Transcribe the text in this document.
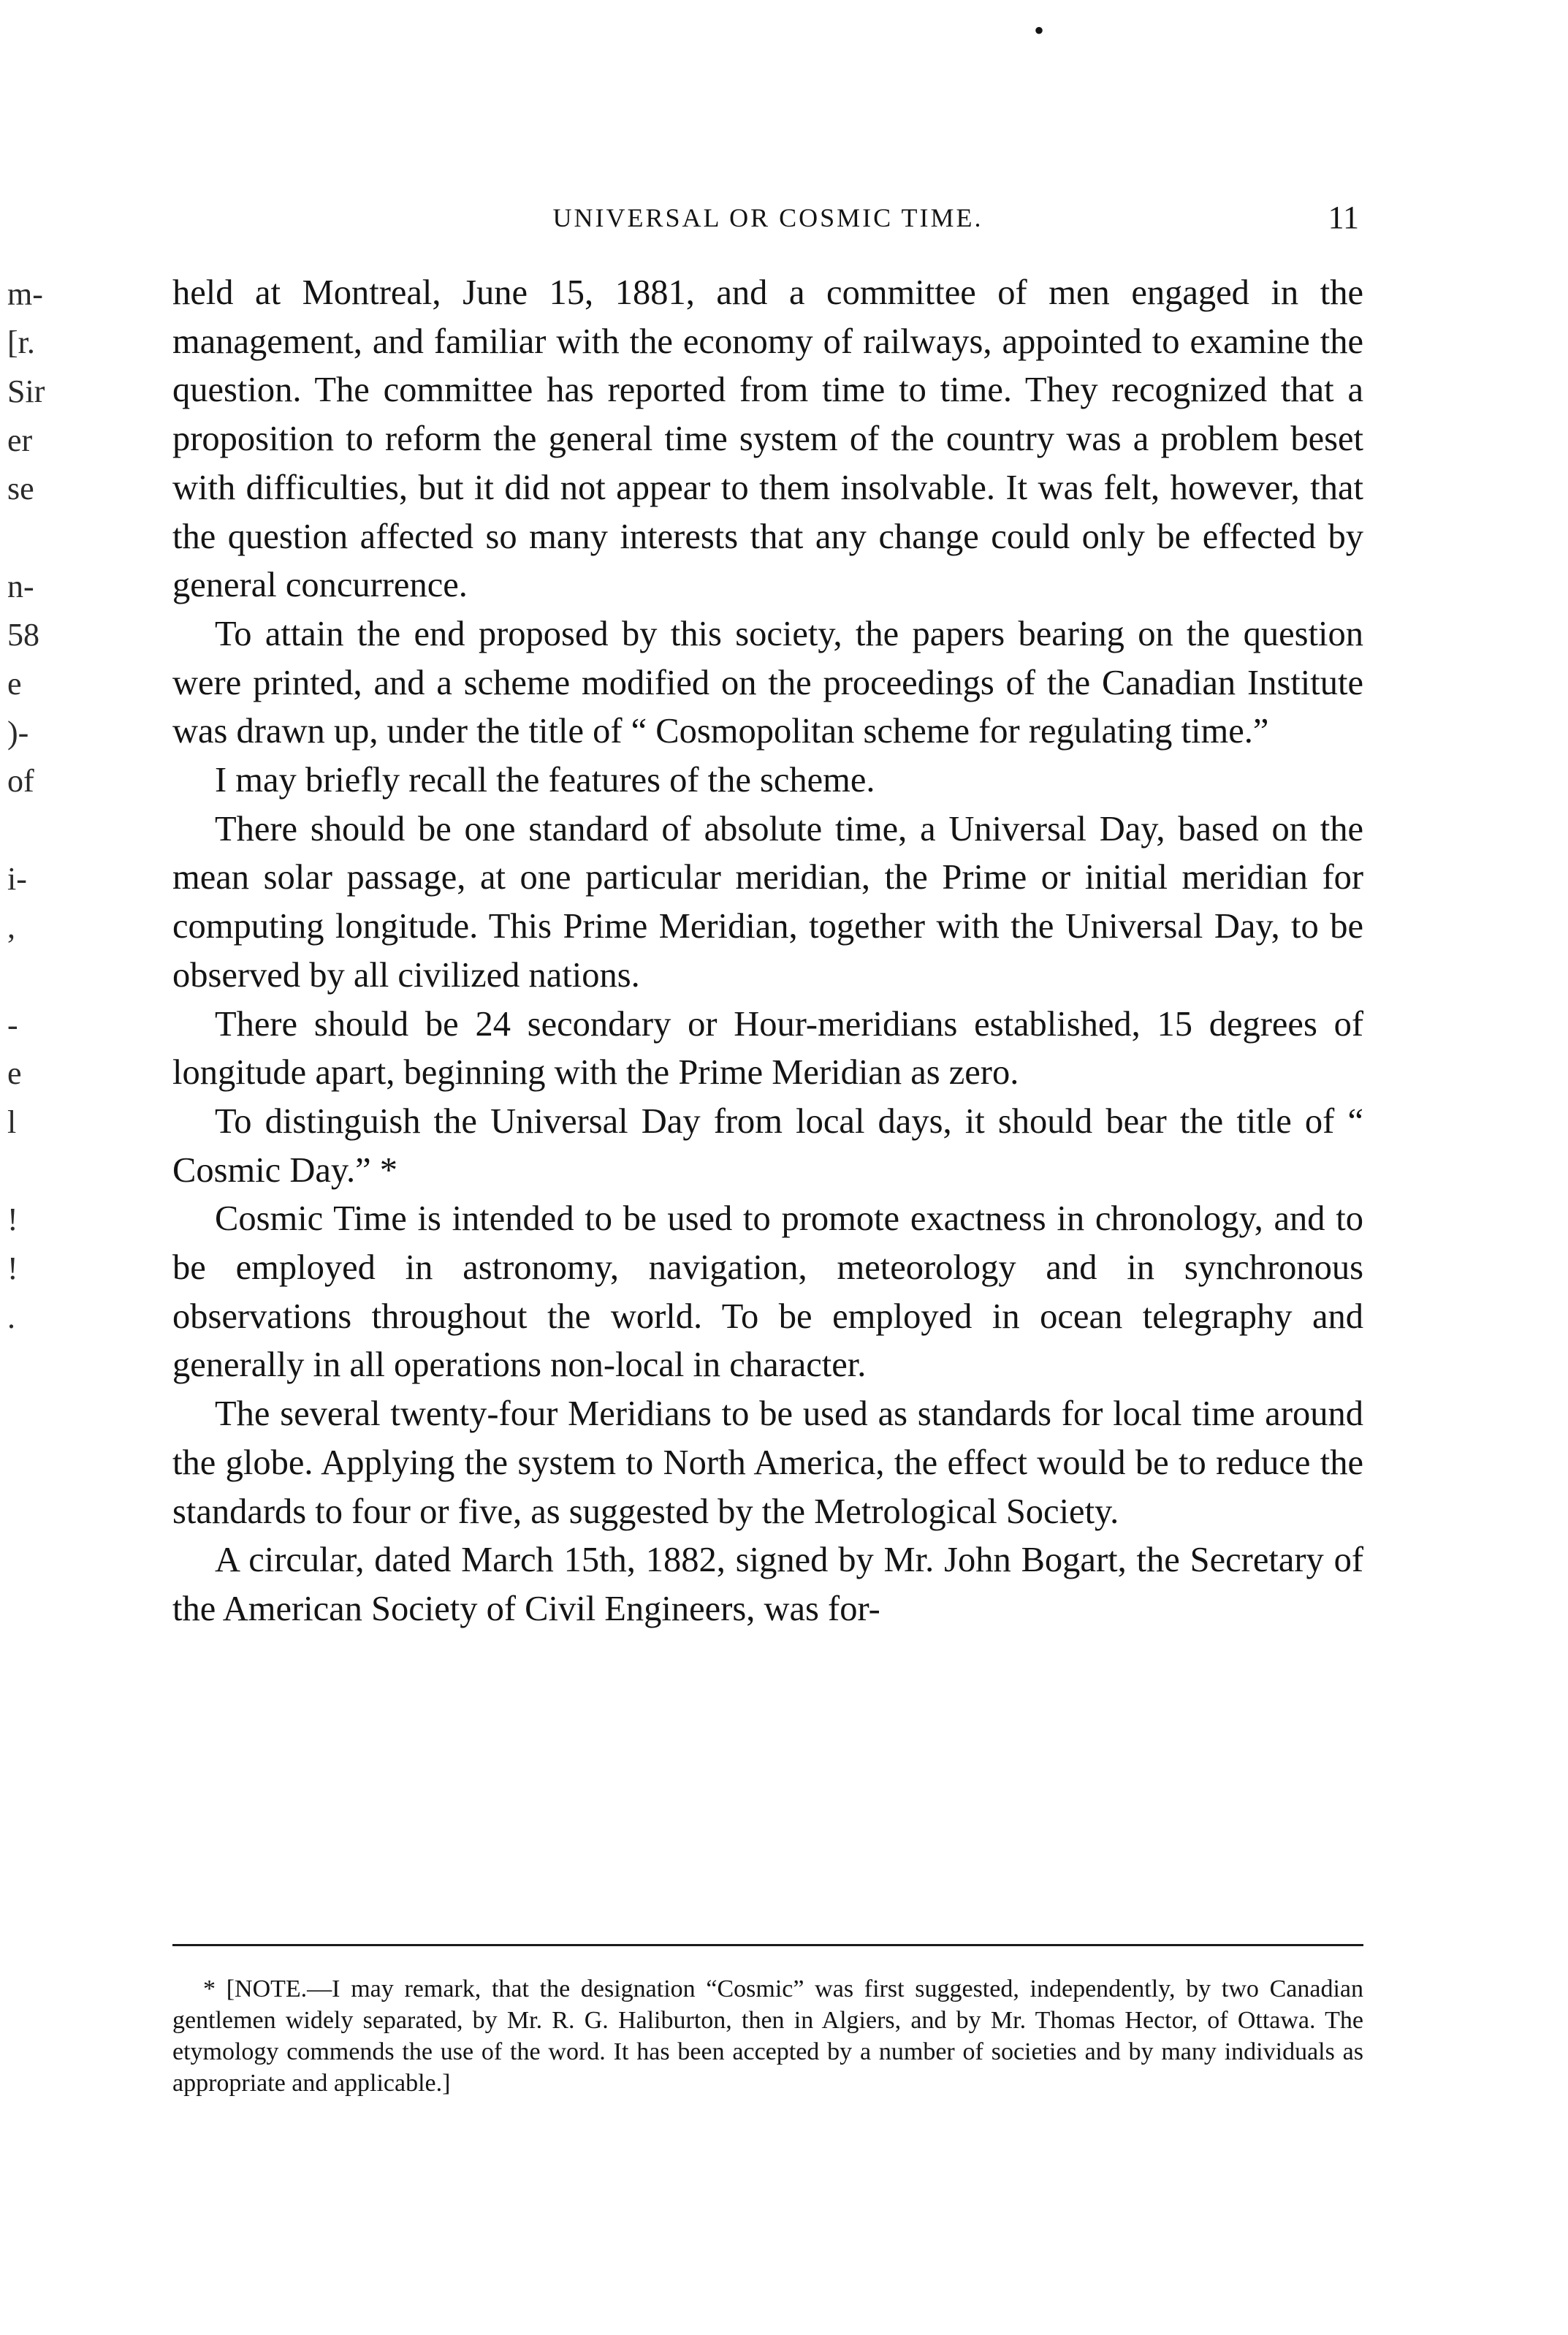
•
UNIVERSAL OR COSMIC TIME.	11
m-
[r.
Sir
er
se
n-
58
e
)-
of
i-
,
-
e
l
!
!
.

held at Montreal, June 15, 1881, and a committee of men engaged in the management, and familiar with the economy of railways, appointed to examine the question. The committee has reported from time to time. They recognized that a proposition to reform the general time system of the country was a problem beset with difficulties, but it did not appear to them insolvable. It was felt, however, that the question affected so many interests that any change could only be effected by general concurrence.

To attain the end proposed by this society, the papers bearing on the question were printed, and a scheme modified on the proceedings of the Canadian Institute was drawn up, under the title of “ Cosmopolitan scheme for regulating time.”

I may briefly recall the features of the scheme.

There should be one standard of absolute time, a Universal Day, based on the mean solar passage, at one particular meridian, the Prime or initial meridian for computing longitude. This Prime Meridian, together with the Universal Day, to be observed by all civilized nations.

There should be 24 secondary or Hour-meridians established, 15 degrees of longitude apart, beginning with the Prime Meridian as zero.

To distinguish the Universal Day from local days, it should bear the title of “ Cosmic Day.” *

Cosmic Time is intended to be used to promote exactness in chronology, and to be employed in astronomy, navigation, meteorology and in synchronous observations throughout the world. To be employed in ocean telegraphy and generally in all operations non-local in character.

The several twenty-four Meridians to be used as standards for local time around the globe. Applying the system to North America, the effect would be to reduce the standards to four or five, as suggested by the Metrological Society.

A circular, dated March 15th, 1882, signed by Mr. John Bogart, the Secretary of the American Society of Civil Engineers, was for-

* [NOTE.—I may remark, that the designation “Cosmic” was first suggested, independently, by two Canadian gentlemen widely separated, by Mr. R. G. Haliburton, then in Algiers, and by Mr. Thomas Hector, of Ottawa. The etymology commends the use of the word. It has been accepted by a number of societies and by many individuals as appropriate and applicable.]
